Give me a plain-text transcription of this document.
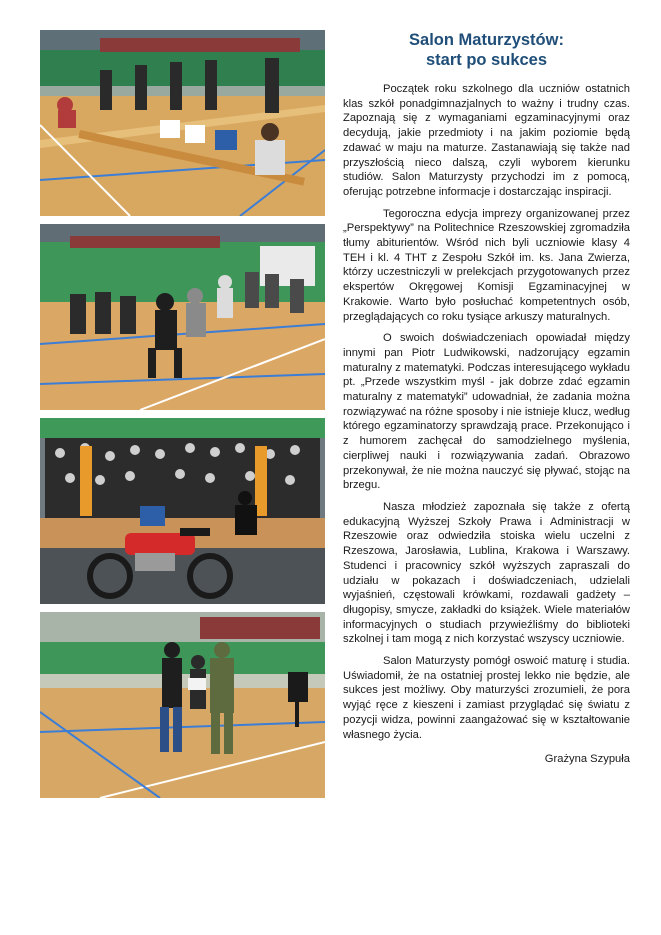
Salon Maturzystów:
start po sukces

Początek roku szkolnego dla uczniów ostatnich klas szkół ponadgimnazjalnych to ważny i trudny czas. Zapoznają się z wymaganiami egzaminacyjnymi oraz decydują, jakie przedmioty i na jakim poziomie będą zdawać w maju na maturze. Zastanawiają się także nad przyszłością nieco dalszą, czyli wyborem kierunku studiów. Salon Maturzysty przychodzi im z pomocą, oferując potrzebne informacje i dostarczając inspiracji.

Tegoroczna edycja imprezy organizowanej przez „Perspektywy” na Politechnice Rzeszowskiej zgromadziła tłumy abiturientów. Wśród nich byli uczniowie klasy 4 TEH i kl. 4 THT z Zespołu Szkół im. ks. Jana Zwierza, którzy uczestniczyli w prelekcjach przygotowanych przez ekspertów Okręgowej Komisji Egzaminacyjnej w Krakowie. Warto było posłuchać kompetentnych osób, przeglądających co roku tysiące arkuszy maturalnych.

O swoich doświadczeniach opowiadał między innymi pan Piotr Ludwikowski, nadzorujący egzamin maturalny z matematyki. Podczas interesującego wykładu pt. „Przede wszystkim myśl - jak dobrze zdać egzamin maturalny z matematyki” udowadniał, że zadania można rozwiązywać na różne sposoby i nie istnieje klucz, według którego egzaminatorzy sprawdzają prace. Przekonująco i z humorem zachęcał do samodzielnego myślenia, cierpliwej nauki i rozwiązywania zadań. Obrazowo przekonywał, że nie można nauczyć się pływać, stojąc na brzegu.

Nasza młodzież zapoznała się także z ofertą edukacyjną Wyższej Szkoły Prawa i Administracji w Rzeszowie oraz odwiedziła stoiska wielu uczelni z Rzeszowa, Jarosławia, Lublina, Krakowa i Warszawy. Studenci i pracownicy szkół wyższych zapraszali do udziału w pokazach i doświadczeniach, udzielali wyjaśnień, częstowali krówkami, rozdawali gadżety – długopisy, smycze, zakładki do książek. Wiele materiałów informacyjnych o studiach przywieźliśmy do biblioteki szkolnej i tam mogą z nich korzystać wszyscy uczniowie.

Salon Maturzysty pomógł oswoić maturę i studia. Uświadomił, że na ostatniej prostej lekko nie będzie, ale sukces jest możliwy. Oby maturzyści zrozumieli, że pora wyjąć ręce z kieszeni i zamiast przyglądać się światu z pozycji widza, powinni zaangażować się w kształtowanie własnego życia.

Grażyna Szypuła
